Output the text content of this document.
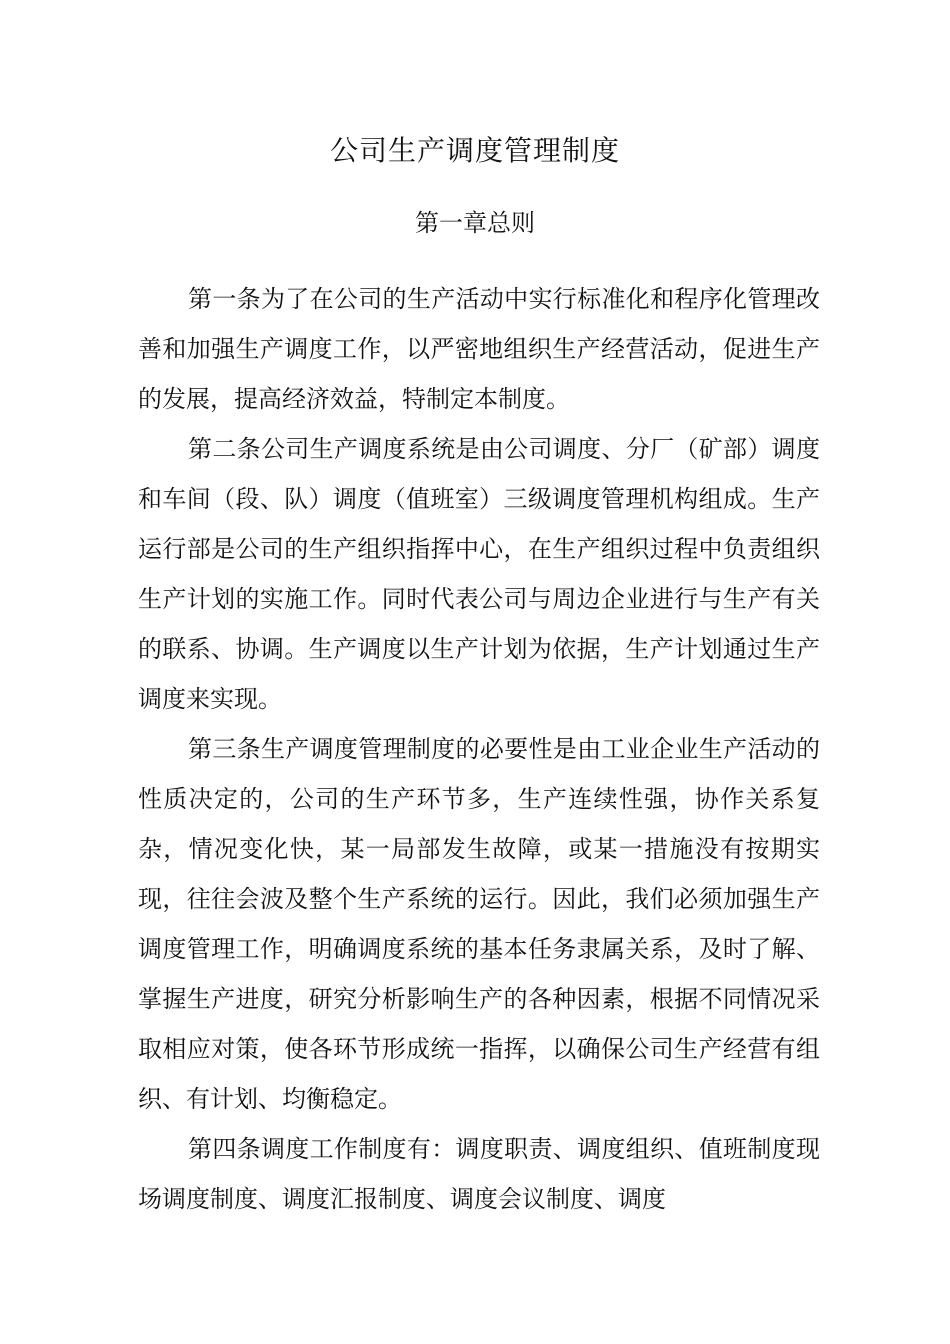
公司生产调度管理制度
第一章总则

第一条为了在公司的生产活动中实行标准化和程序化管理改善和加强生产调度工作，以严密地组织生产经营活动，促进生产的发展，提高经济效益，特制定本制度。

第二条公司生产调度系统是由公司调度、分厂（矿部）调度和车间（段、队）调度（值班室）三级调度管理机构组成。生产运行部是公司的生产组织指挥中心，在生产组织过程中负责组织生产计划的实施工作。同时代表公司与周边企业进行与生产有关的联系、协调。生产调度以生产计划为依据，生产计划通过生产调度来实现。

第三条生产调度管理制度的必要性是由工业企业生产活动的性质决定的，公司的生产环节多，生产连续性强，协作关系复杂，情况变化快，某一局部发生故障，或某一措施没有按期实现，往往会波及整个生产系统的运行。因此，我们必须加强生产调度管理工作，明确调度系统的基本任务隶属关系，及时了解、掌握生产进度，研究分析影响生产的各种因素，根据不同情况采取相应对策，使各环节形成统一指挥，以确保公司生产经营有组织、有计划、均衡稳定。

第四条调度工作制度有：调度职责、调度组织、值班制度现场调度制度、调度汇报制度、调度会议制度、调度
